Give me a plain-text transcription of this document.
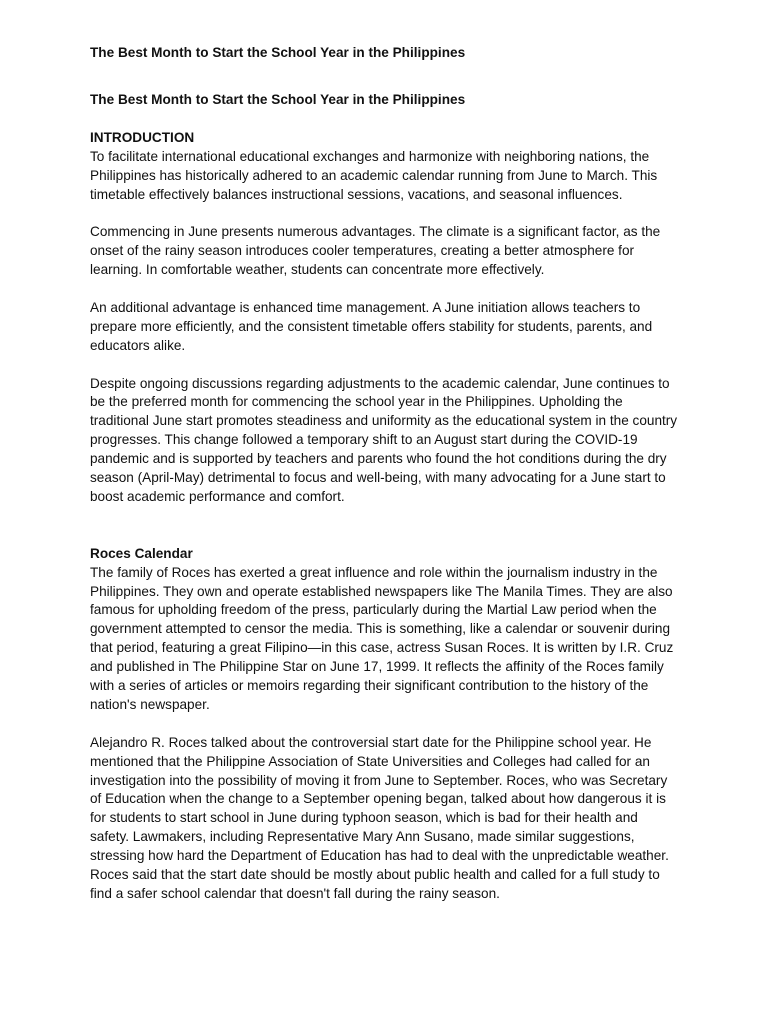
The Best Month to Start the School Year in the Philippines

The Best Month to Start the School Year in the Philippines

INTRODUCTION

To facilitate international educational exchanges and harmonize with neighboring nations, the Philippines has historically adhered to an academic calendar running from June to March. This timetable effectively balances instructional sessions, vacations, and seasonal influences.

Commencing in June presents numerous advantages. The climate is a significant factor, as the onset of the rainy season introduces cooler temperatures, creating a better atmosphere for learning. In comfortable weather, students can concentrate more effectively.

An additional advantage is enhanced time management. A June initiation allows teachers to prepare more efficiently, and the consistent timetable offers stability for students, parents, and educators alike.

Despite ongoing discussions regarding adjustments to the academic calendar, June continues to be the preferred month for commencing the school year in the Philippines. Upholding the traditional June start promotes steadiness and uniformity as the educational system in the country progresses. This change followed a temporary shift to an August start during the COVID-19 pandemic and is supported by teachers and parents who found the hot conditions during the dry season (April-May) detrimental to focus and well-being, with many advocating for a June start to boost academic performance and comfort.

Roces Calendar

The family of Roces has exerted a great influence and role within the journalism industry in the Philippines. They own and operate established newspapers like The Manila Times. They are also famous for upholding freedom of the press, particularly during the Martial Law period when the government attempted to censor the media. This is something, like a calendar or souvenir during that period, featuring a great Filipino—in this case, actress Susan Roces. It is written by I.R. Cruz and published in The Philippine Star on June 17, 1999. It reflects the affinity of the Roces family with a series of articles or memoirs regarding their significant contribution to the history of the nation's newspaper.

Alejandro R. Roces talked about the controversial start date for the Philippine school year. He mentioned that the Philippine Association of State Universities and Colleges had called for an investigation into the possibility of moving it from June to September. Roces, who was Secretary of Education when the change to a September opening began, talked about how dangerous it is for students to start school in June during typhoon season, which is bad for their health and safety. Lawmakers, including Representative Mary Ann Susano, made similar suggestions, stressing how hard the Department of Education has had to deal with the unpredictable weather. Roces said that the start date should be mostly about public health and called for a full study to find a safer school calendar that doesn't fall during the rainy season.
